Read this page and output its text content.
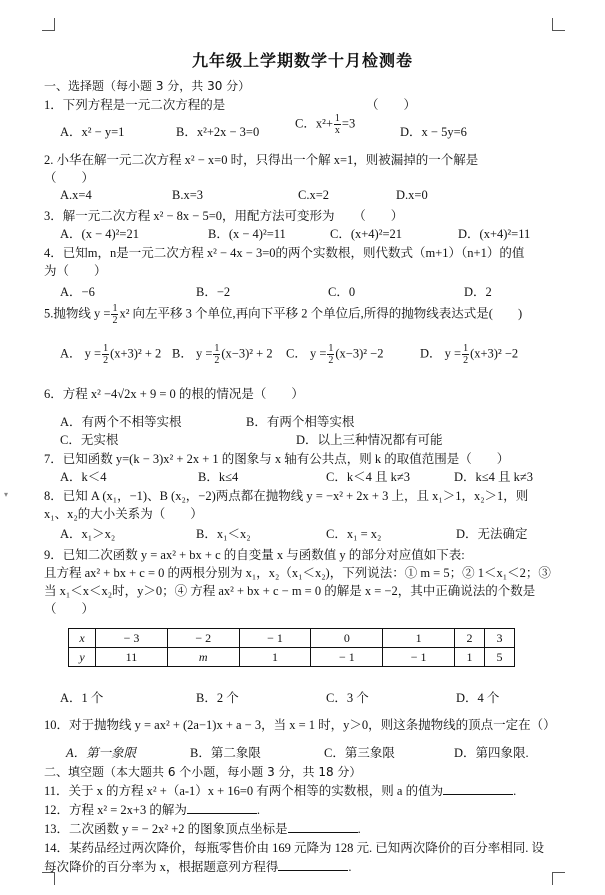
▾
九年级上学期数学十月检测卷
一、选择题（每小题 3 分，共 30 分）
1．下列方程是一元二次方程的是	（　　）
A．x² − y=1	B．x²+2x − 3=0
C．$x^2+ \frac{1}{x} =3$
D．x − 5y=6
2. 小华在解一元二次方程 x² − x=0 时，只得出一个解 x=1，则被漏掉的一个解是
（　　）
A.x=4	B.x=3	C.x=2	D.x=0
3．解一元二次方程 x² − 8x − 5=0，用配方法可变形为　　（　　）
A．(x − 4)²=21	B．(x − 4)²=11	C．(x+4)²=21	D．(x+4)²=11
4．已知m，n是一元二次方程 x² − 4x − 3=0的两个实数根，则代数式（m+1）（n+1）的值
为（　　）
A．−6	B．−2	C．0	D．2
5.抛物线 $y = \frac{1}{2} x^2$ 向左平移 3 个单位,再向下平移 2 个单位后,所得的抛物线表达式是(　　)
A． $y = \frac{1}{2} (x+3)^2 + 2$ B． $y = \frac{1}{2} (x-3)^2 + 2$ C． $y = \frac{1}{2} (x-3)^2 -2$	D． $y = \frac{1}{2} (x+3)^2 -2$
6．方程 x² −4√2x + 9 = 0 的根的情况是（　　）
A．有两个不相等实根	B．有两个相等实根
C．无实根	D．以上三种情况都有可能
7．已知函数 y=(k − 3)x² + 2x + 1 的图象与 x 轴有公共点，则 k 的取值范围是（　　）
A．k＜4	B．k≤4	C．k＜4 且 k≠3	D．k≤4 且 k≠3
8．已知 A (x₁，−1)、B (x₂，−2)两点都在抛物线 y = −x² + 2x + 3 上，且 x₁＞1，x₂＞1，则
x₁、x₂的大小关系为（　　）
A．x₁＞x₂	B．x₁＜x₂	C．x₁ = x₂	D．无法确定
9．已知二次函数 y = ax² + bx + c 的自变量 x 与函数值 y 的部分对应值如下表:
且方程 ax² + bx + c = 0 的两根分别为 x₁，x₂（x₁＜x₂)，下列说法：① m = 5；② 1＜x₁＜2；③
当 x₁＜x＜x₂时，y＞0；④ 方程 ax² + bx + c − m = 0 的解是 x = −2，其中正确说法的个数是
（　　）
x	− 3	− 2	− 1	0	1	2	3
y	11	m	1	− 1	− 1	1	5
A．1 个	B．2 个	C．3 个	D．4 个
10．对于抛物线 y = ax² + (2a−1)x + a − 3，当 x = 1 时，y＞0，则这条抛物线的顶点一定在（）
A．第一象限	B．第二象限	C．第三象限	D．第四象限.
二、填空题（本大题共 6 个小题，每小题 3 分，共 18 分）
11．关于 x 的方程 x² +（a-1）x + 16=0 有两个相等的实数根，则 a 的值为	.
12．方程 x² = 2x+3 的解为	.
13．二次函数 y = − 2x² +2 的图象顶点坐标是	.
14．某药品经过两次降价，每瓶零售价由 169 元降为 128 元. 已知两次降价的百分率相同. 设
每次降价的百分率为 x，根据题意列方程得	.
